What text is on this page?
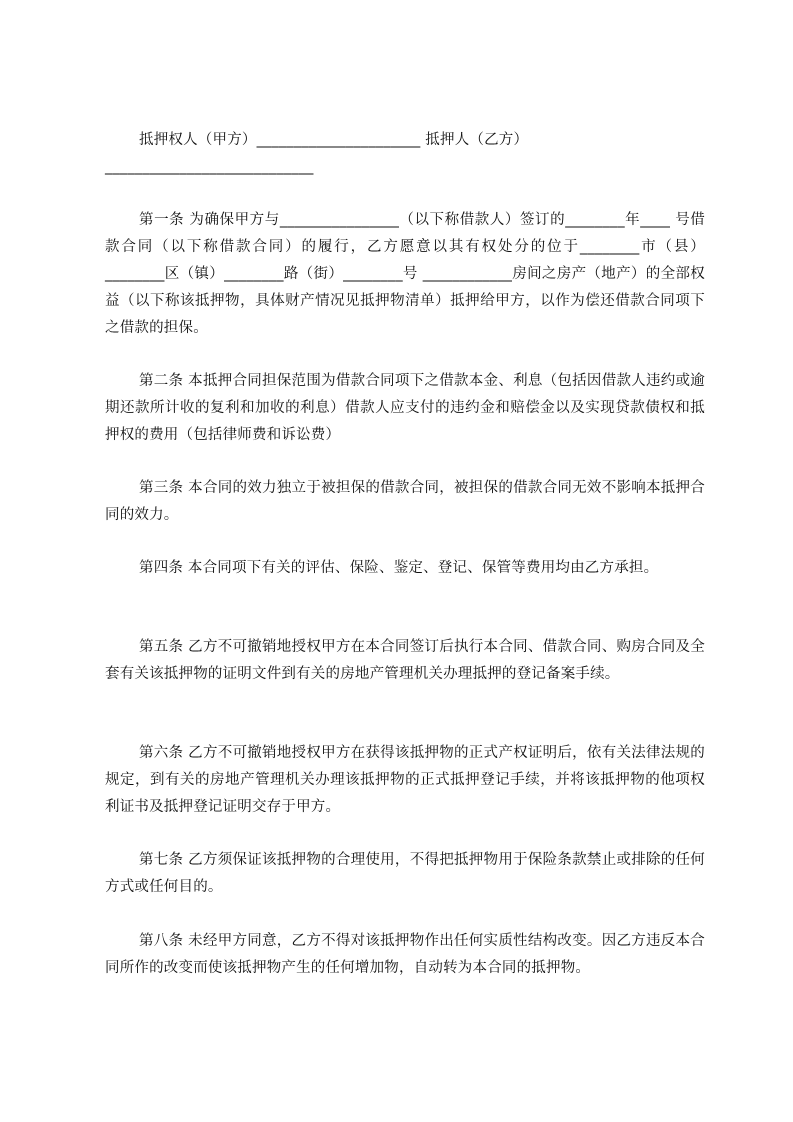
抵押权人（甲方）______________________ 抵押人（乙方）____________________________

第一条 为确保甲方与________________（以下称借款人）签订的________年____ 号借款合同（以下称借款合同）的履行，乙方愿意以其有权处分的位于________市（县）________区（镇）________路（街）________号 ____________房间之房产（地产）的全部权益（以下称该抵押物，具体财产情况见抵押物清单）抵押给甲方，以作为偿还借款合同项下之借款的担保。

第二条 本抵押合同担保范围为借款合同项下之借款本金、利息（包括因借款人违约或逾期还款所计收的复利和加收的利息）借款人应支付的违约金和赔偿金以及实现贷款债权和抵押权的费用（包括律师费和诉讼费）

第三条 本合同的效力独立于被担保的借款合同，被担保的借款合同无效不影响本抵押合同的效力。

第四条 本合同项下有关的评估、保险、鉴定、登记、保管等费用均由乙方承担。

第五条 乙方不可撤销地授权甲方在本合同签订后执行本合同、借款合同、购房合同及全套有关该抵押物的证明文件到有关的房地产管理机关办理抵押的登记备案手续。

第六条 乙方不可撤销地授权甲方在获得该抵押物的正式产权证明后，依有关法律法规的规定，到有关的房地产管理机关办理该抵押物的正式抵押登记手续，并将该抵押物的他项权利证书及抵押登记证明交存于甲方。

第七条 乙方须保证该抵押物的合理使用，不得把抵押物用于保险条款禁止或排除的任何方式或任何目的。

第八条 未经甲方同意，乙方不得对该抵押物作出任何实质性结构改变。因乙方违反本合同所作的改变而使该抵押物产生的任何增加物，自动转为本合同的抵押物。
